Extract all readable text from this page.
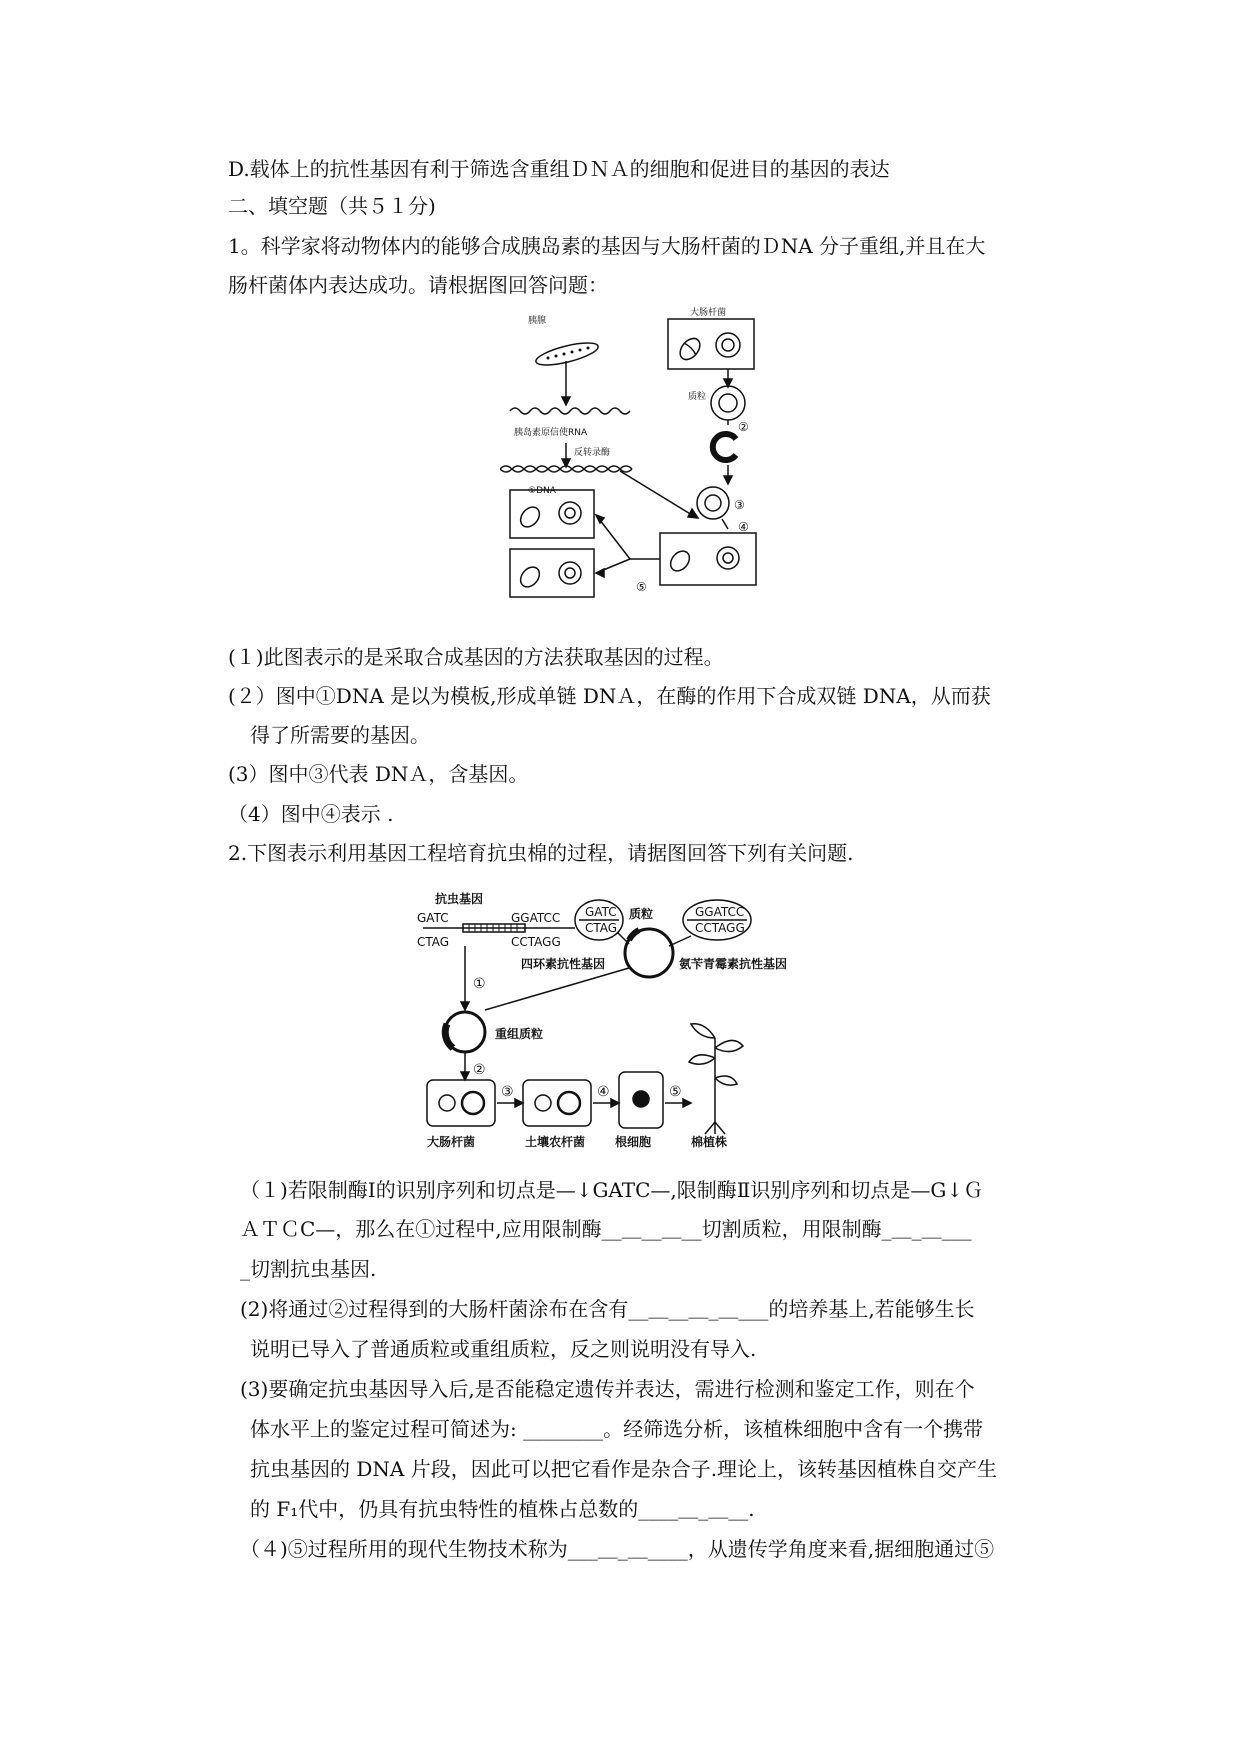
D.载体上的抗性基因有利于筛选含重组ＤＮＡ的细胞和促进目的基因的表达
二、填空题（共５１分)
1。科学家将动物体内的能够合成胰岛素的基因与大肠杆菌的ＤNA 分子重组,并且在大
肠杆菌体内表达成功。请根据图回答问题：
胰腺
大肠杆菌
胰岛素原信使RNA
反转录酶
①DNA
质粒
②
③
④
⑤
(１)此图表示的是采取合成基因的方法获取基因的过程。
(２）图中①DNA 是以为模板,形成单链 DNＡ，在酶的作用下合成双链 DNA，从而获
得了所需要的基因。
(3）图中③代表 DNＡ，含基因。
（4）图中④表示 .
2.下图表示利用基因工程培育抗虫棉的过程，请据图回答下列有关问题.
抗虫基因
GATC	GGATCC
CTAG	CCTAGG
GATC
CTAG
质粒	GGATCC
CCTAGG
四环素抗性基因	氨苄青霉素抗性基因
①
重组质粒
②
③	④	⑤
大肠杆菌	土壤农杆菌 根细胞	棉植株
（１)若限制酶Ⅰ的识别序列和切点是—↓GATC—,限制酶Ⅱ识别序列和切点是—G↓Ｇ
ＡＴＣC—，那么在①过程中,应用限制酶__＿__＿__切割质粒，用限制酶_＿_＿___
_切割抗虫基因.
(2)将通过②过程得到的大肠杆菌涂布在含有__＿__＿_＿___的培养基上,若能够生长
说明已导入了普通质粒或重组质粒，反之则说明没有导入.
(3)要确定抗虫基因导入后,是否能稳定遗传并表达，需进行检测和鉴定工作，则在个
体水平上的鉴定过程可简述为: ________。经筛选分析，该植株细胞中含有一个携带
抗虫基因的 DNA 片段，因此可以把它看作是杂合子.理论上，该转基因植株自交产生
的 F₁代中，仍具有抗虫特性的植株占总数的____＿_＿__.
（４)⑤过程所用的现代生物技术称为___＿_＿____，从遗传学角度来看,据细胞通过⑤
